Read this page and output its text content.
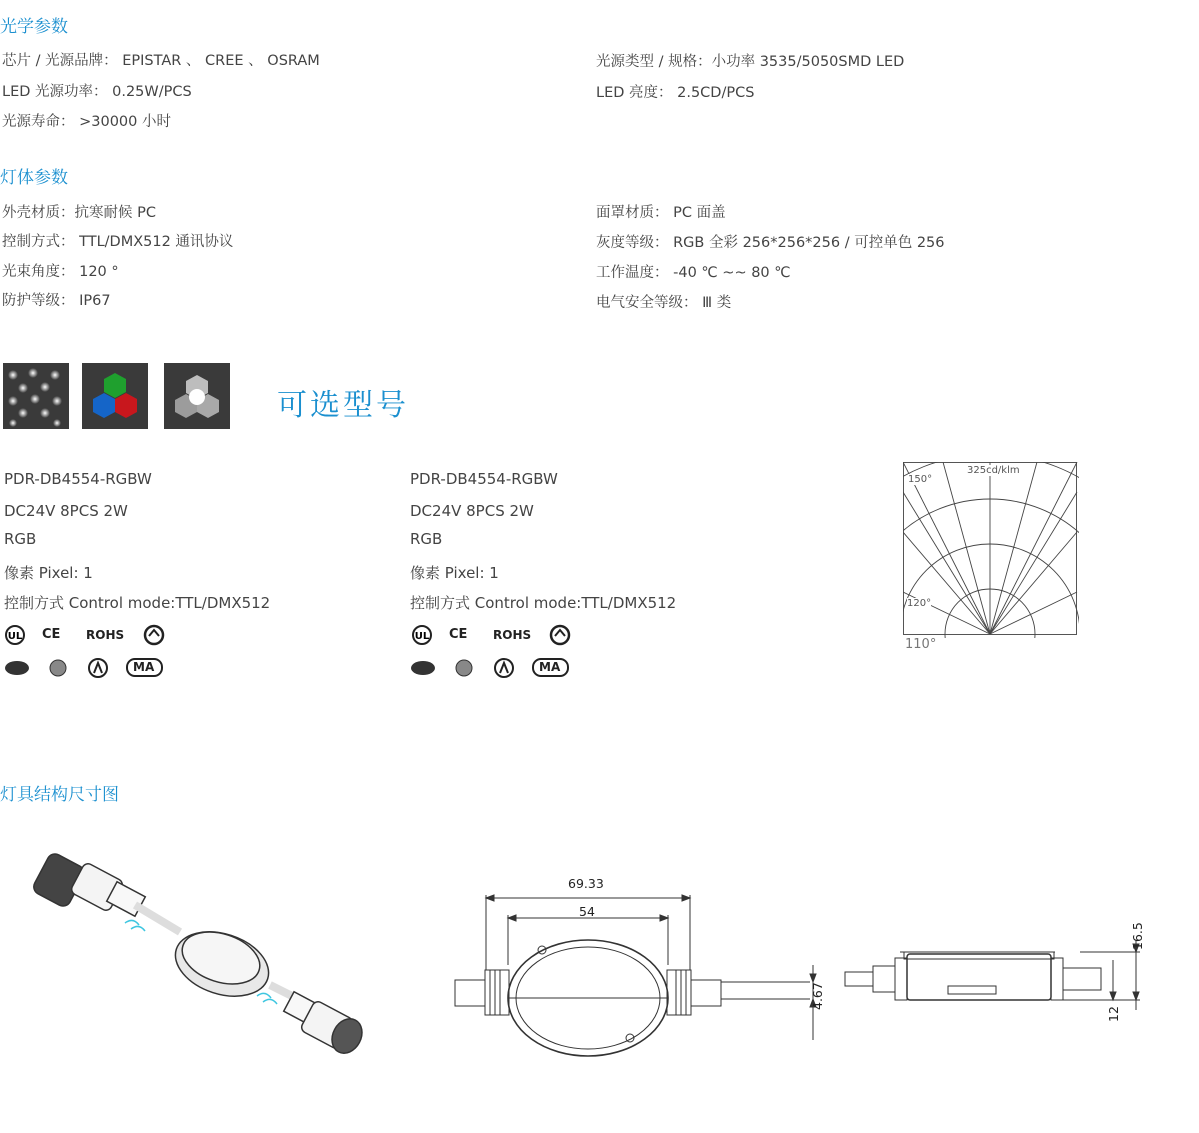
光学参数
芯片 / 光源品牌： EPISTAR 、 CREE 、 OSRAM
LED 光源功率： 0.25W/PCS
光源寿命： >30000 小时
光源类型 / 规格：小功率 3535/5050SMD LED
LED 亮度： 2.5CD/PCS
灯体参数
外壳材质：抗寒耐候 PC
控制方式： TTL/DMX512 通讯协议
光束角度： 120 °
防护等级： IP67
面罩材质： PC 面盖
灰度等级： RGB 全彩 256*256*256 / 可控单色 256
工作温度： -40 ℃ ~~ 80 ℃
电气安全等级： Ⅲ 类
可选型号
PDR-DB4554-RGBW
DC24V 8PCS 2W
RGB
像素 Pixel: 1
控制方式 Control mode:TTL/DMX512
UL CE ROHS
MA
PDR-DB4554-RGBW
DC24V 8PCS 2W
RGB
像素 Pixel: 1
控制方式 Control mode:TTL/DMX512
UL CE ROHS
MA
325cd/klm
150°
120°
110°
灯具结构尺寸图
69.33
54
4.67
16.5
12
